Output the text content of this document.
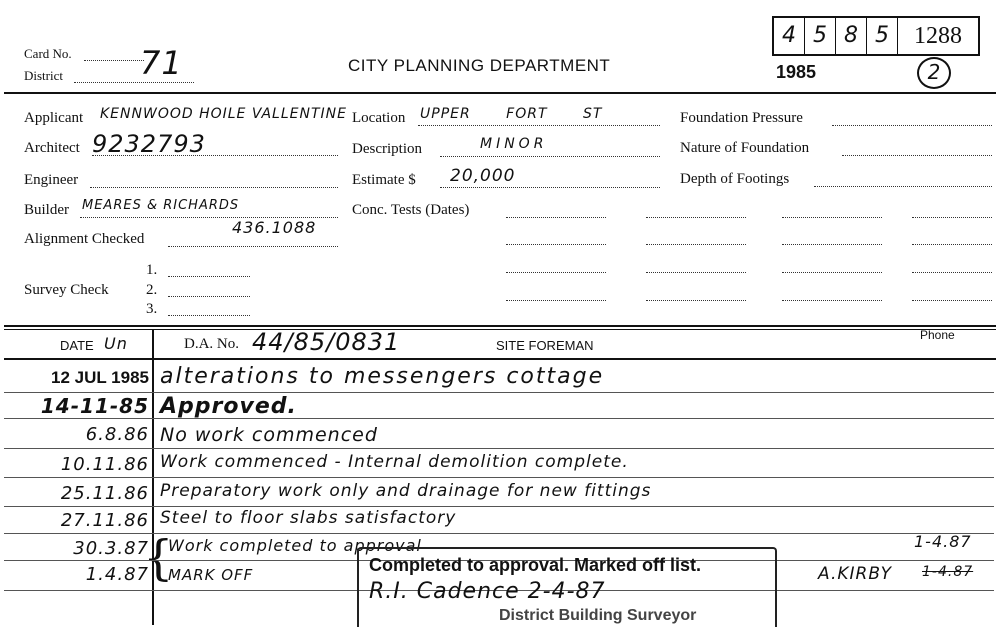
Card No.
District 71	CITY PLANNING DEPARTMENT
4 5 8 5	1288
1985	2
Applicant KENNWOOD HOILE VALLENTINE Location UPPER FORT ST	Foundation Pressure
Architect 9232793	Description	MINOR	Nature of Foundation
Engineer	Estimate $ 20,000	Depth of Footings
Builder MEARES & RICHARDS	Conc. Tests (Dates)
Alignment Checked
436.1088
1.
Survey Check 2.
3.
DATE Un	D.A. No. 44/85/0831	SITE FOREMAN
Phone
12 JUL 1985 alterations to messengers cottage
14-11-85 Approved.
6.8.86 No work commenced
10.11.86 Work commenced - Internal demolition complete.
25.11.86 Preparatory work only and drainage for new fittings
27.11.86 Steel to floor slabs satisfactory
{
30.3.87 Work completed to approval	1-4.87
1.4.87 MARK OFF	A.KIRBY 1-4.87
Completed to approval. Marked off list.
R.I. Cadence 2-4-87
District Building Surveyor
